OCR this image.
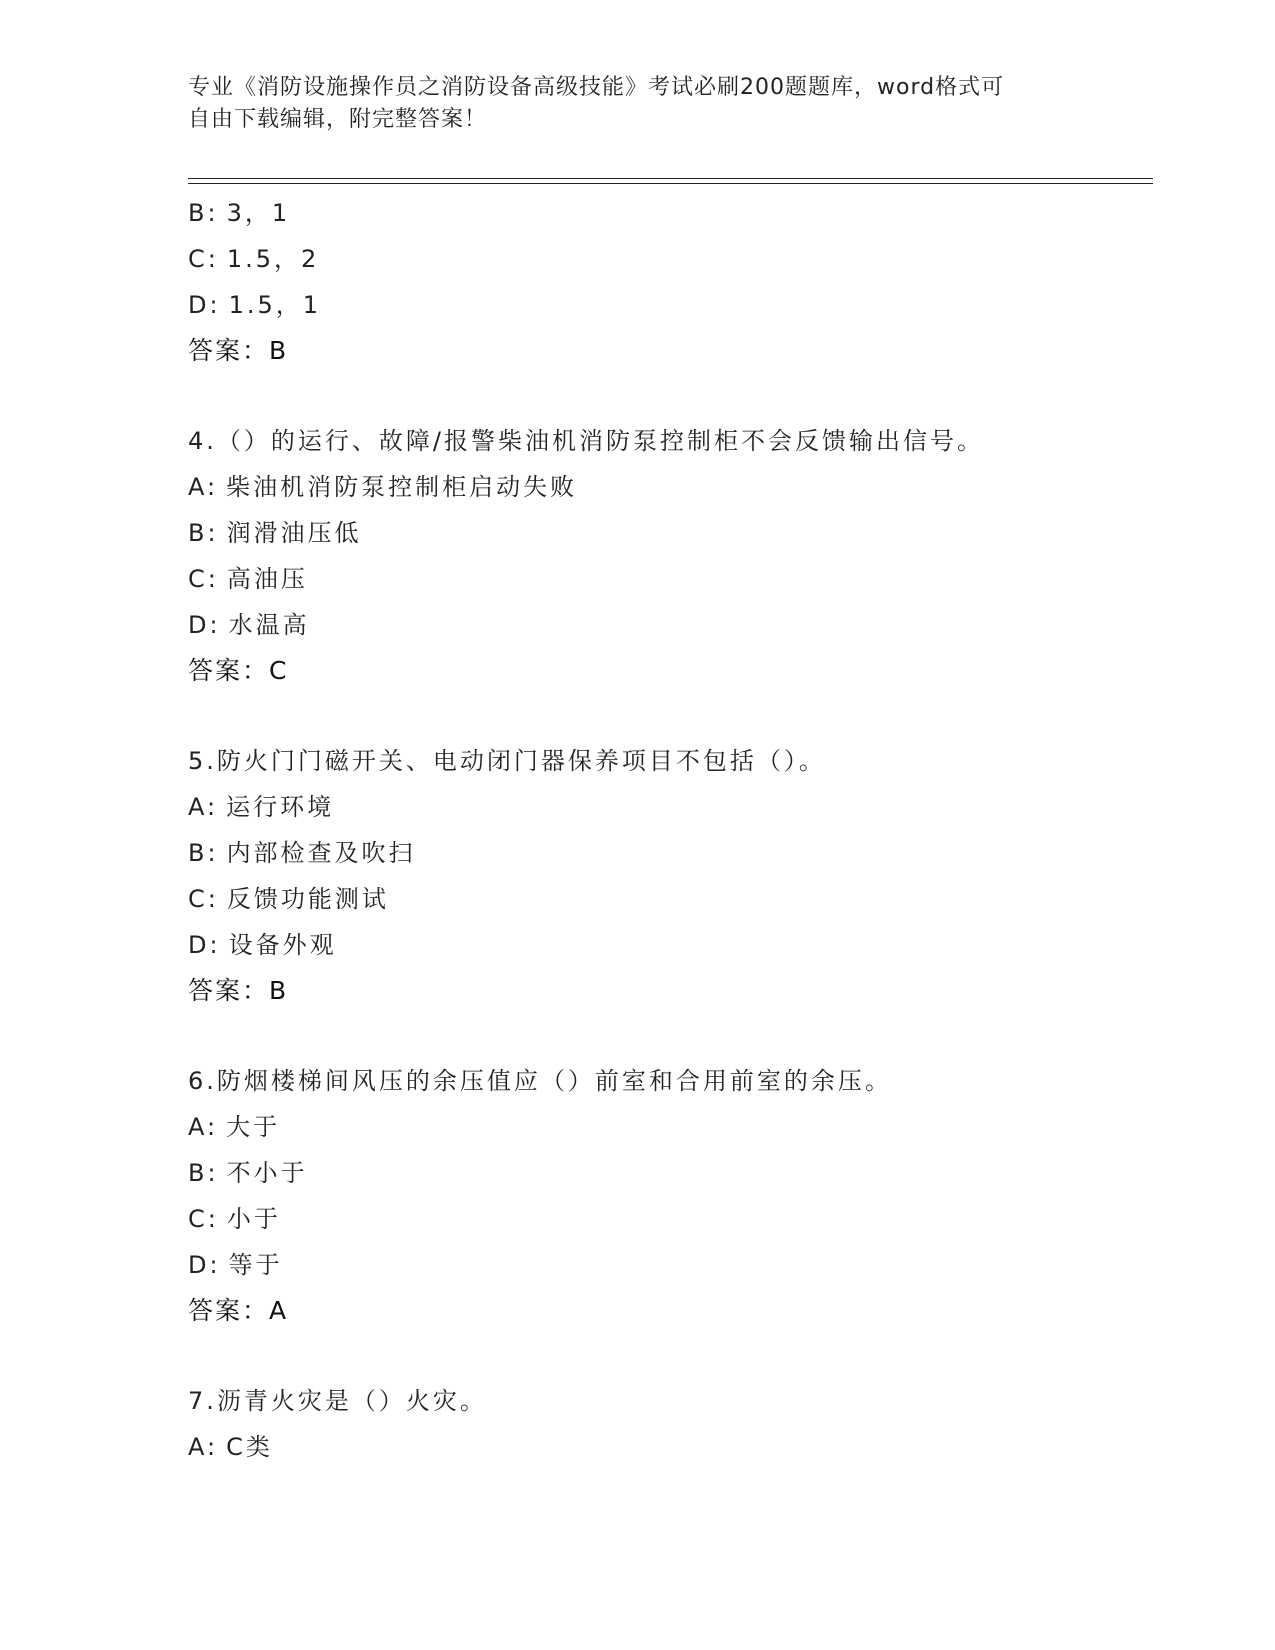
专业《消防设施操作员之消防设备高级技能》考试必刷200题题库，word格式可
自由下载编辑，附完整答案！
B: 3，1
C: 1.5，2
D: 1.5，1
答案：B
4.（）的运行、故障/报警柴油机消防泵控制柜不会反馈输出信号。
A: 柴油机消防泵控制柜启动失败
B: 润滑油压低
C: 高油压
D: 水温高
答案：C
5.防火门门磁开关、电动闭门器保养项目不包括（）。
A: 运行环境
B: 内部检查及吹扫
C: 反馈功能测试
D: 设备外观
答案：B
6.防烟楼梯间风压的余压值应（）前室和合用前室的余压。
A: 大于
B: 不小于
C: 小于
D: 等于
答案：A
7.沥青火灾是（）火灾。
A: C类
